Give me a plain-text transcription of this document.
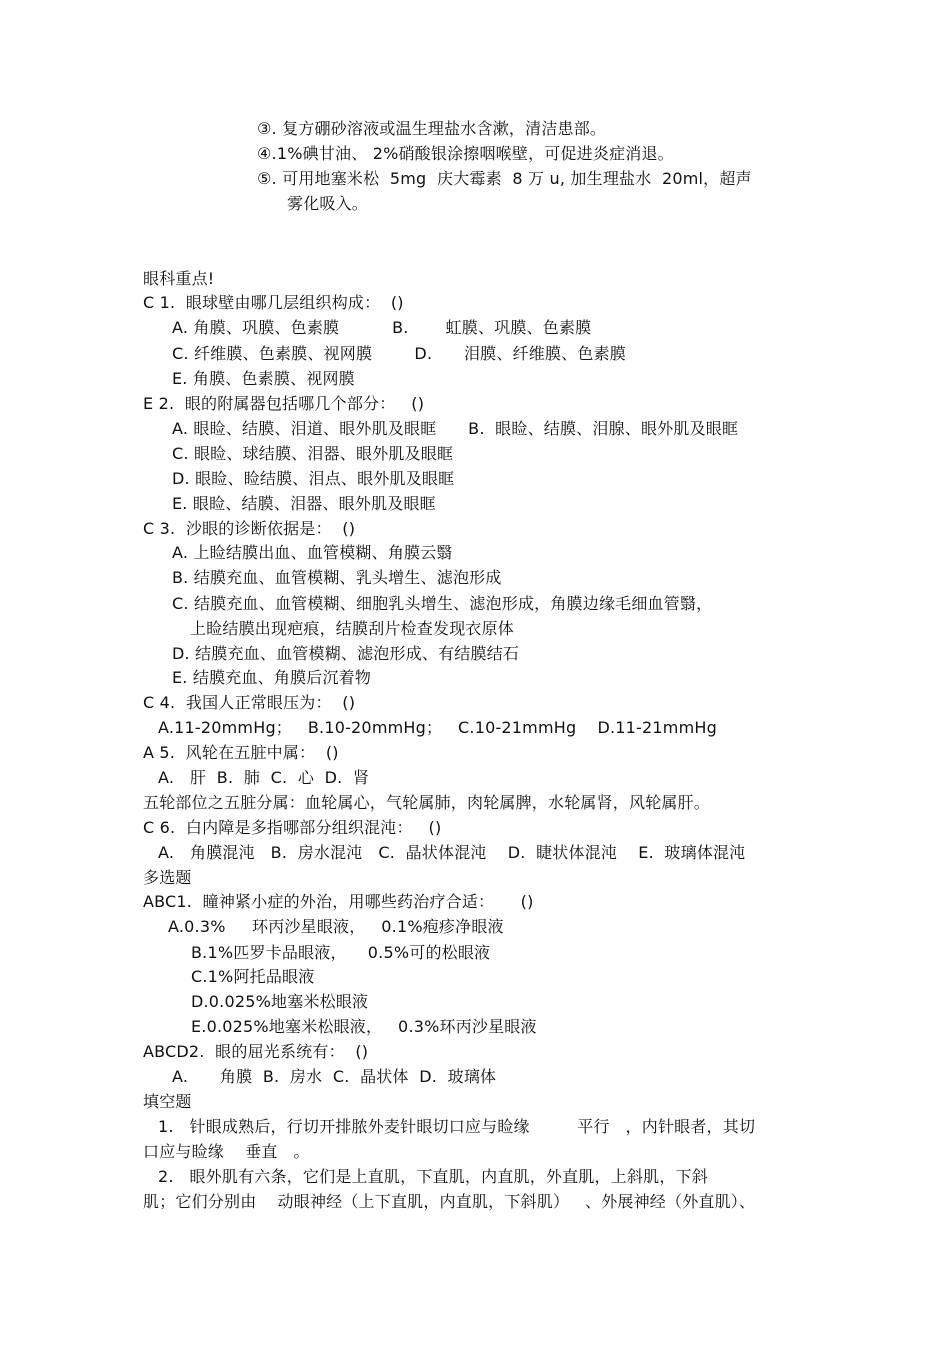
③. 复方硼砂溶液或温生理盐水含漱，清洁患部。
④.1%碘甘油、 2%硝酸银涂擦咽喉壁，可促进炎症消退。
⑤. 可用地塞米松  5mg  庆大霉素  8 万 u, 加生理盐水  20ml，超声
雾化吸入。
眼科重点!
C 1.  眼球壁由哪几层组织构成：  ()
A. 角膜、巩膜、色素膜          B.       虹膜、巩膜、色素膜
C. 纤维膜、色素膜、视网膜        D.      泪膜、纤维膜、色素膜
E. 角膜、色素膜、视网膜
E 2.  眼的附属器包括哪几个部分：   ()
A. 眼睑、结膜、泪道、眼外肌及眼眶      B.  眼睑、结膜、泪腺、眼外肌及眼眶
C. 眼睑、球结膜、泪器、眼外肌及眼眶
D. 眼睑、睑结膜、泪点、眼外肌及眼眶
E. 眼睑、结膜、泪器、眼外肌及眼眶
C 3.  沙眼的诊断依据是：  ()
A. 上睑结膜出血、血管模糊、角膜云翳
B. 结膜充血、血管模糊、乳头增生、滤泡形成
C. 结膜充血、血管模糊、细胞乳头增生、滤泡形成，角膜边缘毛细血管翳，
上睑结膜出现疤痕，结膜刮片检查发现衣原体
D. 结膜充血、血管模糊、滤泡形成、有结膜结石
E. 结膜充血、角膜后沉着物
C 4.  我国人正常眼压为：  ()
A.11-20mmHg；   B.10-20mmHg；   C.10-21mmHg    D.11-21mmHg
A 5.  风轮在五脏中属：  ()
A.   肝  B.  肺  C.  心  D.  肾
五轮部位之五脏分属：血轮属心，气轮属肺，肉轮属脾，水轮属肾，风轮属肝。
C 6.  白内障是多指哪部分组织混沌：   ()
A.   角膜混沌   B.  房水混沌   C.  晶状体混沌    D.  睫状体混沌    E.  玻璃体混沌
多选题
ABC1.  瞳神紧小症的外治，用哪些药治疗合适：     ()
A.0.3%     环丙沙星眼液，   0.1%疱疹净眼液
B.1%匹罗卡品眼液，    0.5%可的松眼液
C.1%阿托品眼液
D.0.025%地塞米松眼液
E.0.025%地塞米松眼液，   0.3%环丙沙星眼液
ABCD2.  眼的屈光系统有：  ()
A.      角膜  B.  房水  C.  晶状体  D.  玻璃体
填空题
1.   针眼成熟后，行切开排脓外麦针眼切口应与睑缘         平行   ，内针眼者，其切
口应与睑缘    垂直   。
2.   眼外肌有六条，它们是上直肌，下直肌，内直肌，外直肌，上斜肌，下斜
肌；它们分别由    动眼神经（上下直肌，内直肌，下斜肌）   、外展神经（外直肌）、
